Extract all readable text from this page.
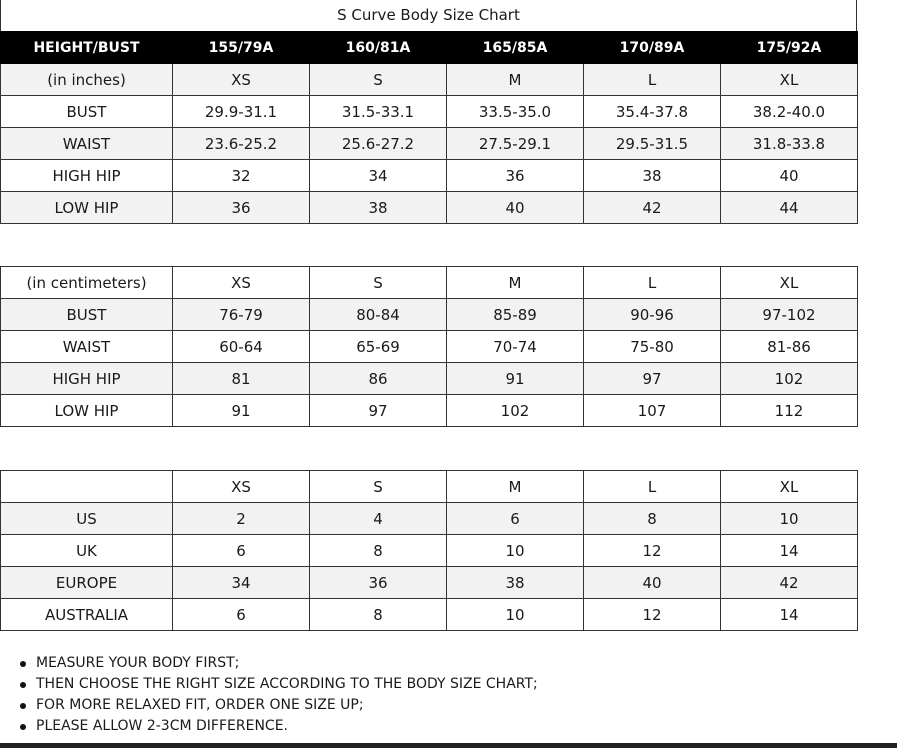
S Curve Body Size Chart
HEIGHT/BUST	155/79A	160/81A	165/85A	170/89A	175/92A
(in inches)	XS	S	M	L	XL
BUST	29.9-31.1	31.5-33.1	33.5-35.0	35.4-37.8	38.2-40.0
WAIST	23.6-25.2	25.6-27.2	27.5-29.1	29.5-31.5	31.8-33.8
HIGH HIP	32	34	36	38	40
LOW HIP	36	38	40	42	44
(in centimeters)	XS	S	M	L	XL
BUST	76-79	80-84	85-89	90-96	97-102
WAIST	60-64	65-69	70-74	75-80	81-86
HIGH HIP	81	86	91	97	102
LOW HIP	91	97	102	107	112
	XS	S	M	L	XL
US	2	4	6	8	10
UK	6	8	10	12	14
EUROPE	34	36	38	40	42
AUSTRALIA	6	8	10	12	14
MEASURE YOUR BODY FIRST;
THEN CHOOSE THE RIGHT SIZE ACCORDING TO THE BODY SIZE CHART;
FOR MORE RELAXED FIT, ORDER ONE SIZE UP;
PLEASE ALLOW 2-3CM DIFFERENCE.
